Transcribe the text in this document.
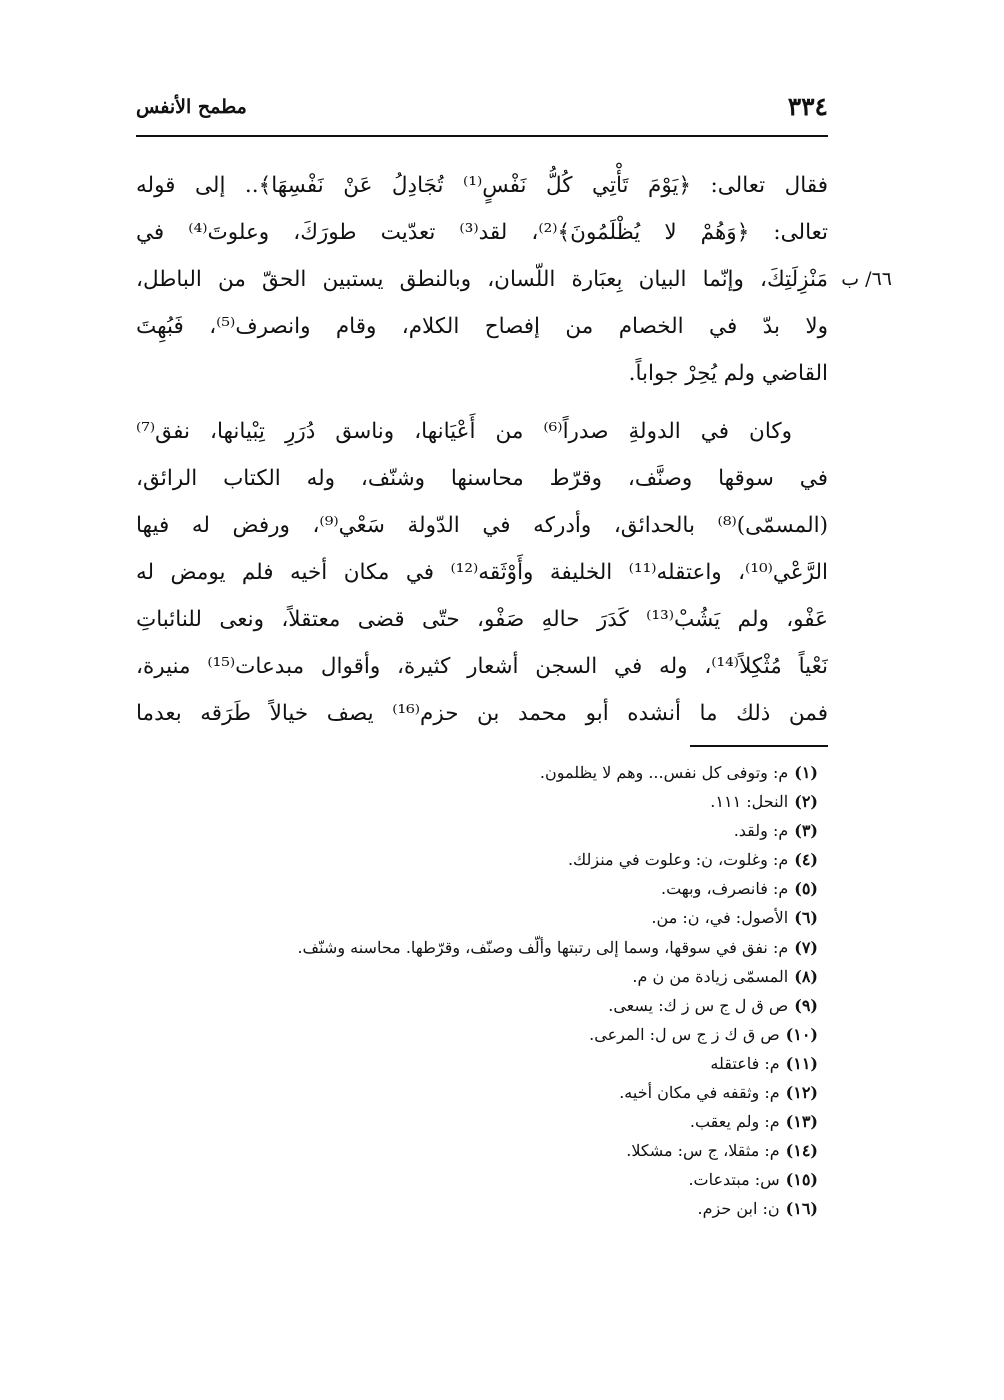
٣٣٤
مطمح الأنفس
٦٦/ ب
فقال تعالى: ﴿يَوْمَ تَأْتِي كُلُّ نَفْسٍ⁽¹⁾ تُجَادِلُ عَنْ نَفْسِهَا﴾.. إلى قوله
تعالى: ﴿وَهُمْ لا يُظْلَمُونَ﴾⁽²⁾، لقد⁽³⁾ تعدّيت طورَكَ، وعلوتَ⁽⁴⁾ في
مَنْزِلَتِكَ، وإنّما البيان بِعبَارة اللّسان، وبالنطق يستبين الحقّ من الباطل،
ولا بدّ في الخصام من إفصاح الكلام، وقام وانصرف⁽⁵⁾، فَبُهِتَ
القاضي ولم يُحِرْ جواباً.
وكان في الدولةِ صدراً⁽⁶⁾ من أَعْيَانها، وناسق دُرَرِ تِبْيانها، نفق⁽⁷⁾
في سوقها وصنَّف، وقرّط محاسنها وشنّف، وله الكتاب الرائق،
(المسمّى)⁽⁸⁾ بالحدائق، وأدركه في الدّولة سَعْي⁽⁹⁾، ورفض له فيها
الرَّعْي⁽¹⁰⁾، واعتقله⁽¹¹⁾ الخليفة وأَوْثَقه⁽¹²⁾ في مكان أخيه فلم يومض له
عَفْو، ولم يَشُبْ⁽¹³⁾ كَدَرَ حالهِ صَفْو، حتّى قضى معتقلاً، ونعى للنائباتِ
نَعْياً مُثْكِلاً⁽¹⁴⁾، وله في السجن أشعار كثيرة، وأقوال مبدعات⁽¹⁵⁾ منيرة،
فمن ذلك ما أنشده أبو محمد بن حزم⁽¹⁶⁾ يصف خيالاً طَرَقه بعدما
(١)م: وتوفى كل نفس... وهم لا يظلمون.
(٢)النحل: ١١١.
(٣)م: ولقد.
(٤)م: وغلوت، ن: وعلوت في منزلك.
(٥)م: فانصرف، وبهت.
(٦)الأصول: في، ن: من.
(٧)م: نفق في سوقها، وسما إلى رتبتها وألّف وصنّف، وقرّطها. محاسنه وشنّف.
(٨)المسمّى زيادة من ن م.
(٩)ص ق ل ج س ز ك: يسعى.
(١٠)ص ق ك ز ج س ل: المرعى.
(١١)م: فاعتقله
(١٢)م: وثقفه في مكان أخيه.
(١٣)م: ولم يعقب.
(١٤)م: مثقلا، ج س: مشكلا.
(١٥)س: مبتدعات.
(١٦)ن: ابن حزم.
